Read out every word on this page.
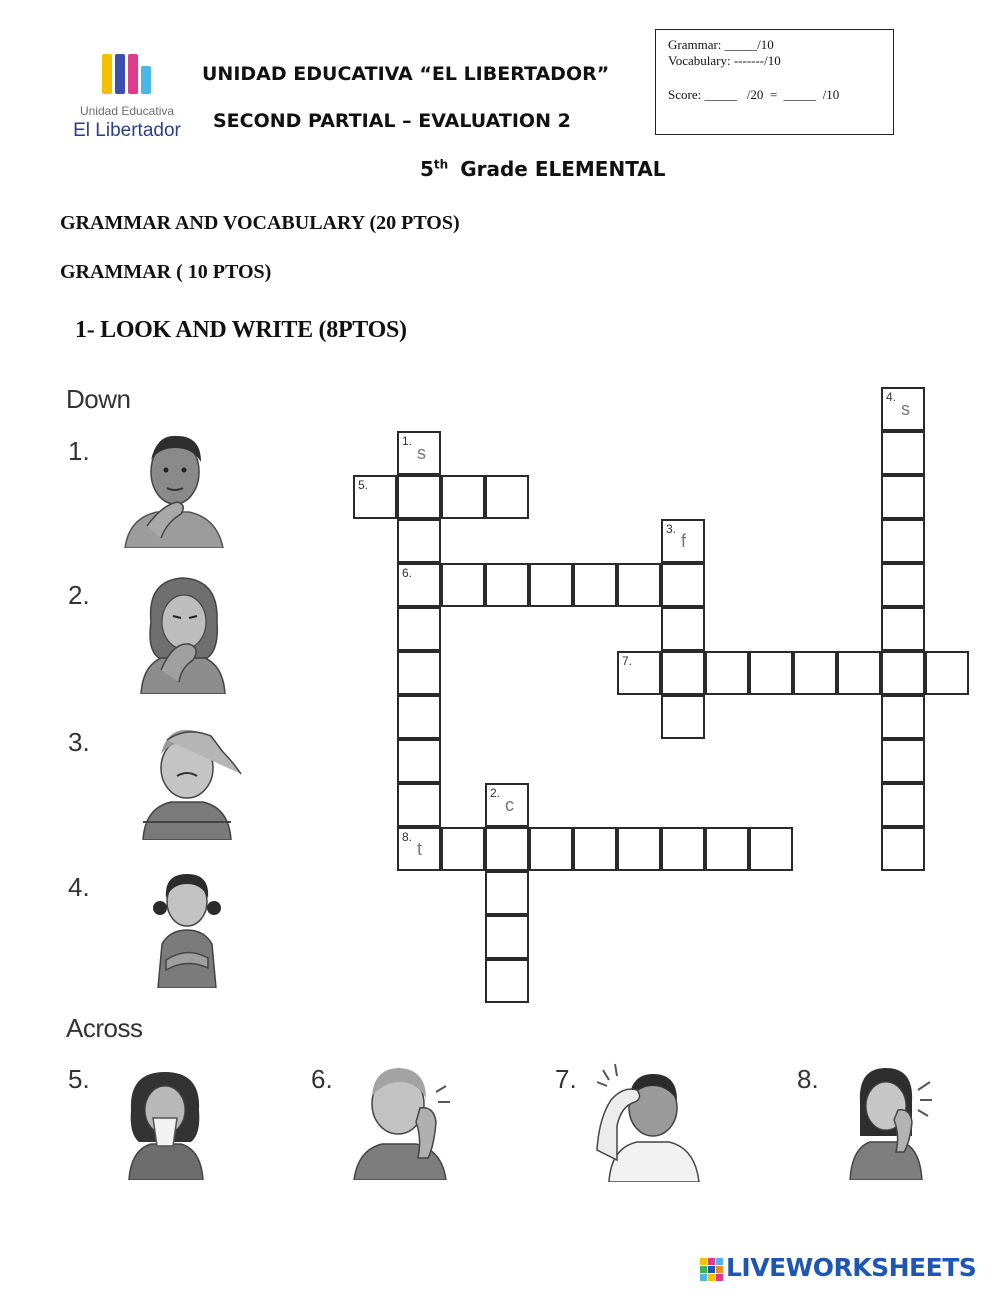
Unidad Educativa
El Libertador
UNIDAD EDUCATIVA “EL LIBERTADOR”
SECOND PARTIAL – EVALUATION 2
5th Grade ELEMENTAL
Grammar: _____/10
Vocabulary: -------/10
Score: _____   /20  =  _____  /10
GRAMMAR AND VOCABULARY (20 PTOS)
GRAMMAR ( 10 PTOS)
1- LOOK AND WRITE (8PTOS)
Down
Across
1.
2.
3.
4.
5.	6.	7.	8.
1.
s
6.
8.
t
2.
c
3.
f
4.
s
5.
7.
LIVEWORKSHEETS
